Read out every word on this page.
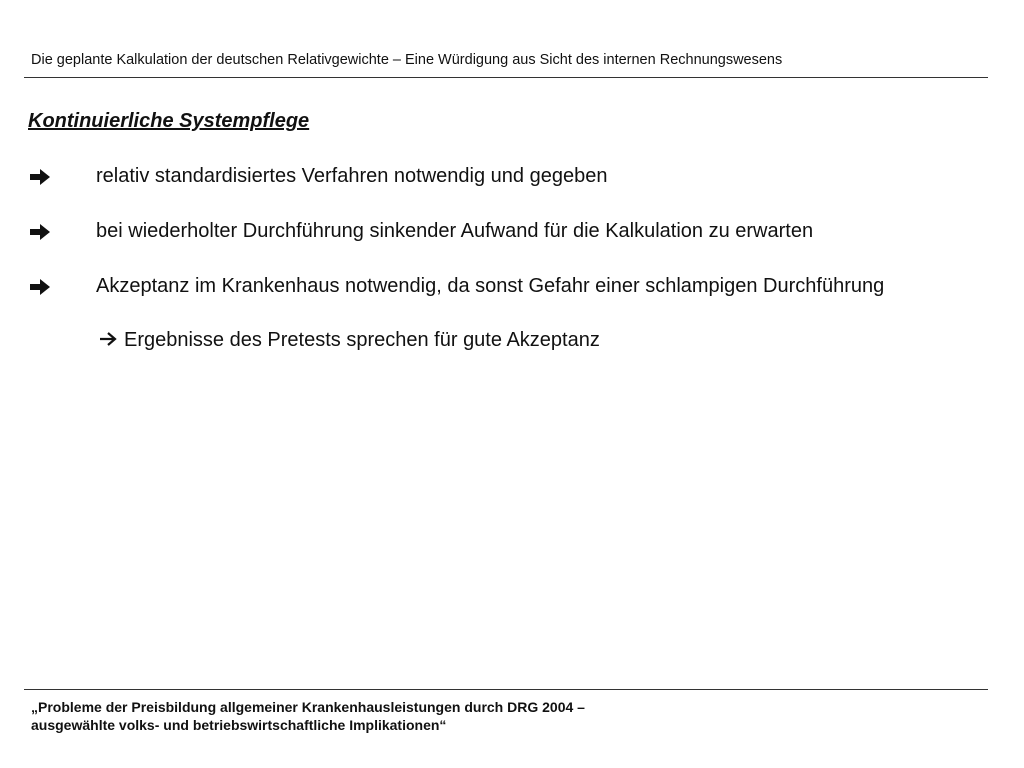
Die geplante Kalkulation der deutschen Relativgewichte – Eine Würdigung aus Sicht des internen Rechnungswesens
Kontinuierliche Systempflege
relativ standardisiertes Verfahren notwendig und gegeben
bei wiederholter Durchführung sinkender Aufwand für die Kalkulation zu erwarten
Akzeptanz im Krankenhaus notwendig, da sonst Gefahr einer schlampigen Durchführung
Ergebnisse des Pretests sprechen für gute Akzeptanz
„Probleme der Preisbildung allgemeiner Krankenhausleistungen durch DRG 2004 –
ausgewählte volks- und betriebswirtschaftliche Implikationen“
